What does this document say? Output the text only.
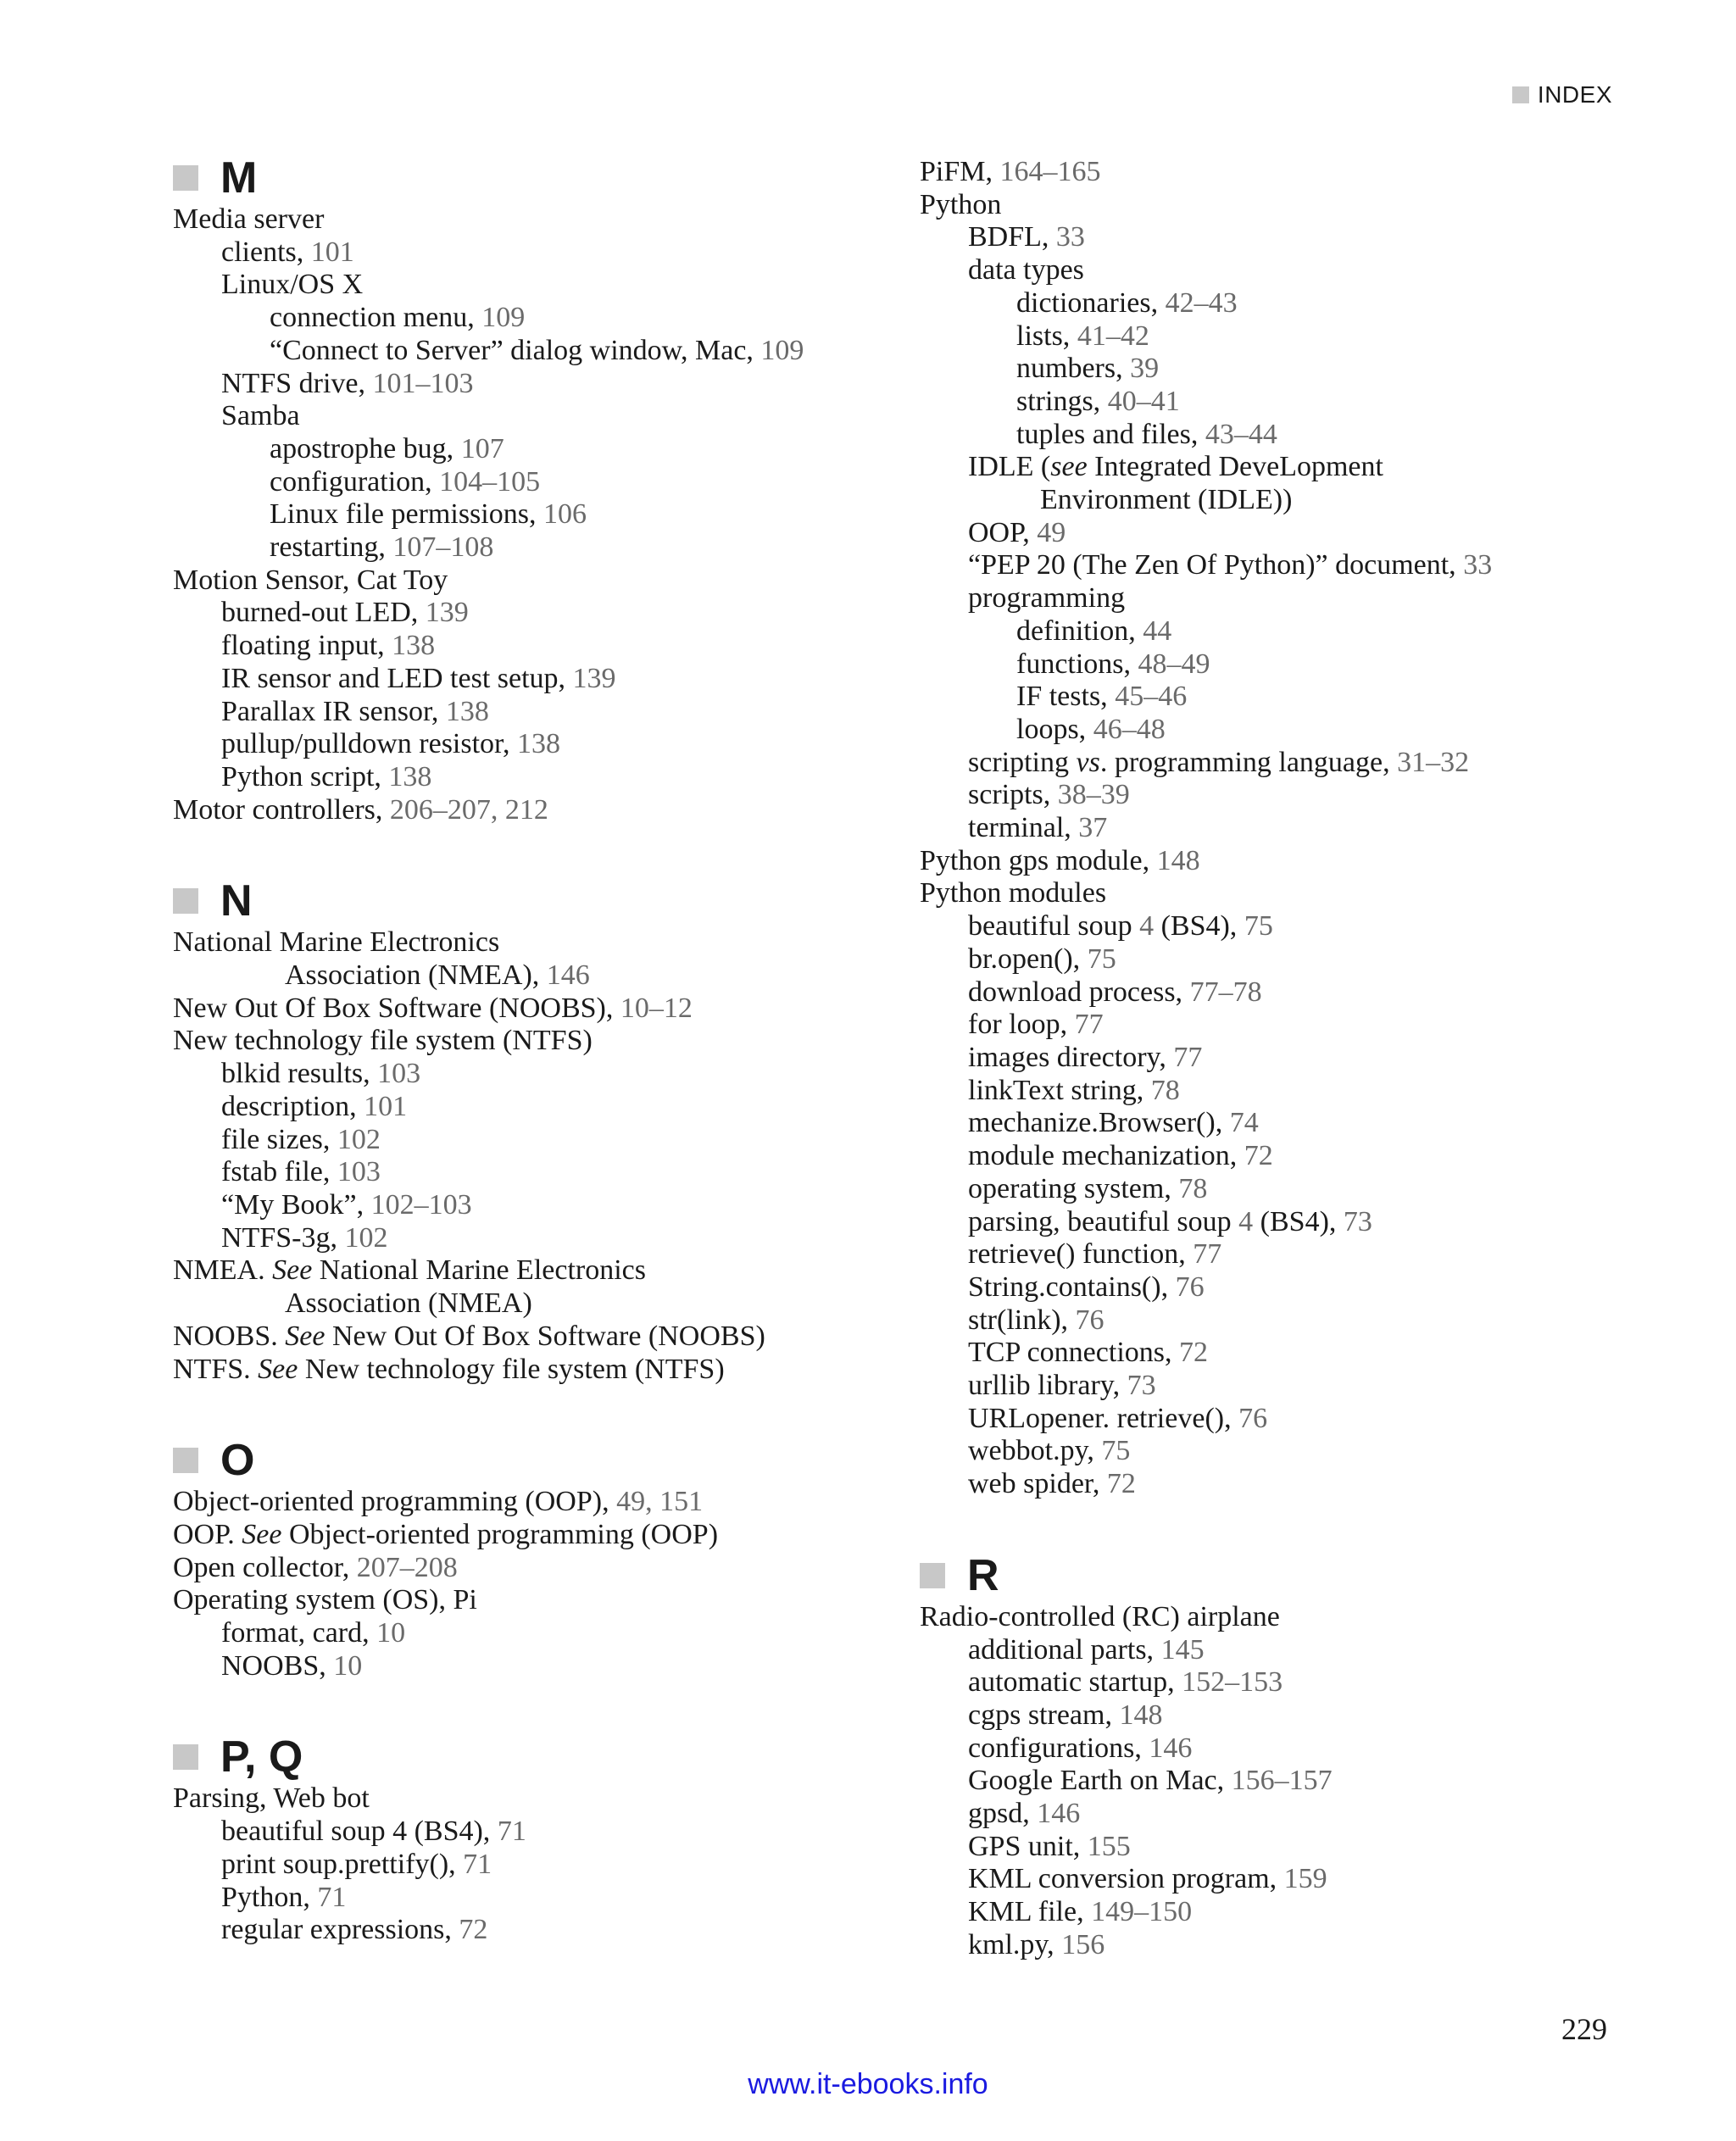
INDEX
M
Media server
clients, 101
Linux/OS X
connection menu, 109
“Connect to Server” dialog window, Mac, 109
NTFS drive, 101–103
Samba
apostrophe bug, 107
configuration, 104–105
Linux file permissions, 106
restarting, 107–108
Motion Sensor, Cat Toy
burned-out LED, 139
floating input, 138
IR sensor and LED test setup, 139
Parallax IR sensor, 138
pullup/pulldown resistor, 138
Python script, 138
Motor controllers, 206–207, 212
N
National Marine Electronics
Association (NMEA), 146
New Out Of Box Software (NOOBS), 10–12
New technology file system (NTFS)
blkid results, 103
description, 101
file sizes, 102
fstab file, 103
“My Book”, 102–103
NTFS-3g, 102
NMEA. See National Marine Electronics
Association (NMEA)
NOOBS. See New Out Of Box Software (NOOBS)
NTFS. See New technology file system (NTFS)
O
Object-oriented programming (OOP), 49, 151
OOP. See Object-oriented programming (OOP)
Open collector, 207–208
Operating system (OS), Pi
format, card, 10
NOOBS, 10
P, Q
Parsing, Web bot
beautiful soup 4 (BS4), 71
print soup.prettify(), 71
Python, 71
regular expressions, 72
PiFM, 164–165
Python
BDFL, 33
data types
dictionaries, 42–43
lists, 41–42
numbers, 39
strings, 40–41
tuples and files, 43–44
IDLE (see Integrated DeveLopment
Environment (IDLE))
OOP, 49
“PEP 20 (The Zen Of Python)” document, 33
programming
definition, 44
functions, 48–49
IF tests, 45–46
loops, 46–48
scripting vs. programming language, 31–32
scripts, 38–39
terminal, 37
Python gps module, 148
Python modules
beautiful soup 4 (BS4), 75
br.open(), 75
download process, 77–78
for loop, 77
images directory, 77
linkText string, 78
mechanize.Browser(), 74
module mechanization, 72
operating system, 78
parsing, beautiful soup 4 (BS4), 73
retrieve() function, 77
String.contains(), 76
str(link), 76
TCP connections, 72
urllib library, 73
URLopener. retrieve(), 76
webbot.py, 75
web spider, 72
R
Radio-controlled (RC) airplane
additional parts, 145
automatic startup, 152–153
cgps stream, 148
configurations, 146
Google Earth on Mac, 156–157
gpsd, 146
GPS unit, 155
KML conversion program, 159
KML file, 149–150
kml.py, 156
229
www.it-ebooks.info
